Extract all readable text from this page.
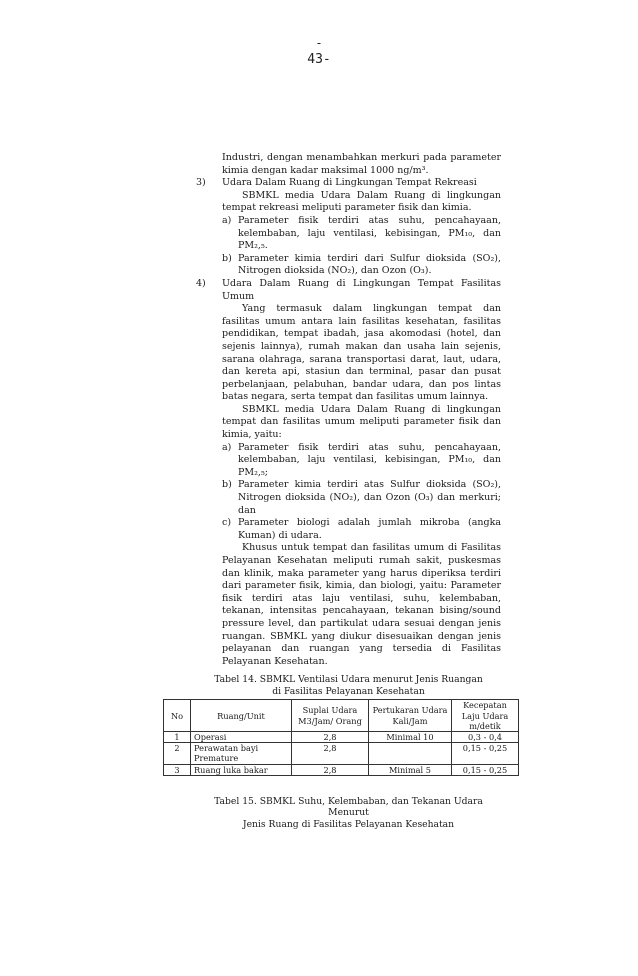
-
43-

Industri, dengan menambahkan merkuri pada parameter kimia dengan kadar maksimal 1000 ng/m³.

3)	Udara Dalam Ruang di Lingkungan Tempat Rekreasi

SBMKL media Udara Dalam Ruang di lingkungan tempat rekreasi meliputi parameter fisik dan kimia.

a) Parameter fisik terdiri atas suhu, pencahayaan, kelembaban, laju ventilasi, kebisingan, PM₁₀, dan PM₂,₅.
b) Parameter kimia terdiri dari Sulfur dioksida (SO₂), Nitrogen dioksida (NO₂), dan Ozon (O₃).
4)	Udara Dalam Ruang di Lingkungan Tempat Fasilitas Umum

Yang termasuk dalam lingkungan tempat dan fasilitas umum antara lain fasilitas kesehatan, fasilitas pendidikan, tempat ibadah, jasa akomodasi (hotel, dan sejenis lainnya), rumah makan dan usaha lain sejenis, sarana olahraga, sarana transportasi darat, laut, udara, dan kereta api, stasiun dan terminal, pasar dan pusat perbelanjaan, pelabuhan, bandar udara, dan pos lintas batas negara, serta tempat dan fasilitas umum lainnya.

SBMKL media Udara Dalam Ruang di lingkungan tempat dan fasilitas umum meliputi parameter fisik dan kimia, yaitu:

a) Parameter fisik terdiri atas suhu, pencahayaan, kelembaban, laju ventilasi, kebisingan, PM₁₀, dan PM₂,₅;
b) Parameter kimia terdiri atas Sulfur dioksida (SO₂), Nitrogen dioksida (NO₂), dan Ozon (O₃) dan merkuri; dan
c) Parameter biologi adalah jumlah mikroba (angka Kuman) di udara.

Khusus untuk tempat dan fasilitas umum di Fasilitas Pelayanan Kesehatan meliputi rumah sakit, puskesmas dan klinik, maka parameter yang harus diperiksa terdiri dari parameter fisik, kimia, dan biologi, yaitu: Parameter fisik terdiri atas laju ventilasi, suhu, kelembaban, tekanan, intensitas pencahayaan, tekanan bising/sound pressure level, dan partikulat udara sesuai dengan jenis ruangan. SBMKL yang diukur disesuaikan dengan jenis pelayanan dan ruangan yang tersedia di Fasilitas Pelayanan Kesehatan.

Tabel 14. SBMKL Ventilasi Udara menurut Jenis Ruangan

di Fasilitas Pelayanan Kesehatan

No	Ruang/Unit	Suplai Udara M3/Jam/ Orang	Pertukaran Udara Kali/Jam	Kecepatan Laju Udara m/detik
1	Operasi	2,8	Minimal 10	0,3 - 0,4
2	Perawatan bayi Premature	2,8		0,15 - 0,25
3	Ruang luka bakar	2,8	Minimal 5	0,15 - 0,25

Tabel 15. SBMKL Suhu, Kelembaban, dan Tekanan Udara Menurut

Jenis Ruang di Fasilitas Pelayanan Kesehatan
